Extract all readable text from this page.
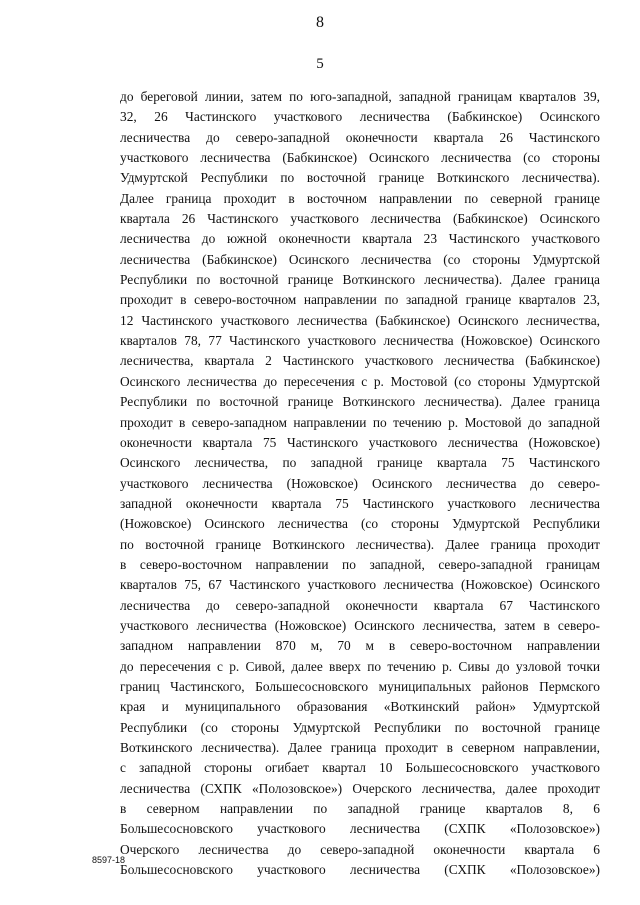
8
5
до береговой линии, затем по юго-западной, западной границам кварталов 39,
32, 26 Частинского участкового лесничества (Бабкинское) Осинского
лесничества до северо-западной оконечности квартала 26 Частинского
участкового лесничества (Бабкинское) Осинского лесничества (со стороны
Удмуртской Республики по восточной границе Воткинского лесничества).
Далее граница проходит в восточном направлении по северной границе
квартала 26 Частинского участкового лесничества (Бабкинское) Осинского
лесничества до южной оконечности квартала 23 Частинского участкового
лесничества (Бабкинское) Осинского лесничества (со стороны Удмуртской
Республики по восточной границе Воткинского лесничества). Далее граница
проходит в северо-восточном направлении по западной границе кварталов 23,
12 Частинского участкового лесничества (Бабкинское) Осинского лесничества,
кварталов 78, 77 Частинского участкового лесничества (Ножовское) Осинского
лесничества, квартала 2 Частинского участкового лесничества (Бабкинское)
Осинского лесничества до пересечения с р. Мостовой (со стороны Удмуртской
Республики по восточной границе Воткинского лесничества). Далее граница
проходит в северо-западном направлении по течению р. Мостовой до западной
оконечности квартала 75 Частинского участкового лесничества (Ножовское)
Осинского лесничества, по западной границе квартала 75 Частинского
участкового лесничества (Ножовское) Осинского лесничества до северо-
западной оконечности квартала 75 Частинского участкового лесничества
(Ножовское) Осинского лесничества (со стороны Удмуртской Республики
по восточной границе Воткинского лесничества). Далее граница проходит
в северо-восточном направлении по западной, северо-западной границам
кварталов 75, 67 Частинского участкового лесничества (Ножовское) Осинского
лесничества до северо-западной оконечности квартала 67 Частинского
участкового лесничества (Ножовское) Осинского лесничества, затем в северо-
западном направлении 870 м, 70 м в северо-восточном направлении
до пересечения с р. Сивой, далее вверх по течению р. Сивы до узловой точки
границ Частинского, Большесосновского муниципальных районов Пермского
края и муниципального образования «Воткинский район» Удмуртской
Республики (со стороны Удмуртской Республики по восточной границе
Воткинского лесничества). Далее граница проходит в северном направлении,
с западной стороны огибает квартал 10 Большесосновского участкового
лесничества (СХПК «Полозовское») Очерского лесничества, далее проходит
в северном направлении по западной границе кварталов 8, 6
Большесосновского участкового лесничества (СХПК «Полозовское»)
Очерского лесничества до северо-западной оконечности квартала 6
Большесосновского участкового лесничества (СХПК «Полозовское»)
8597-18
